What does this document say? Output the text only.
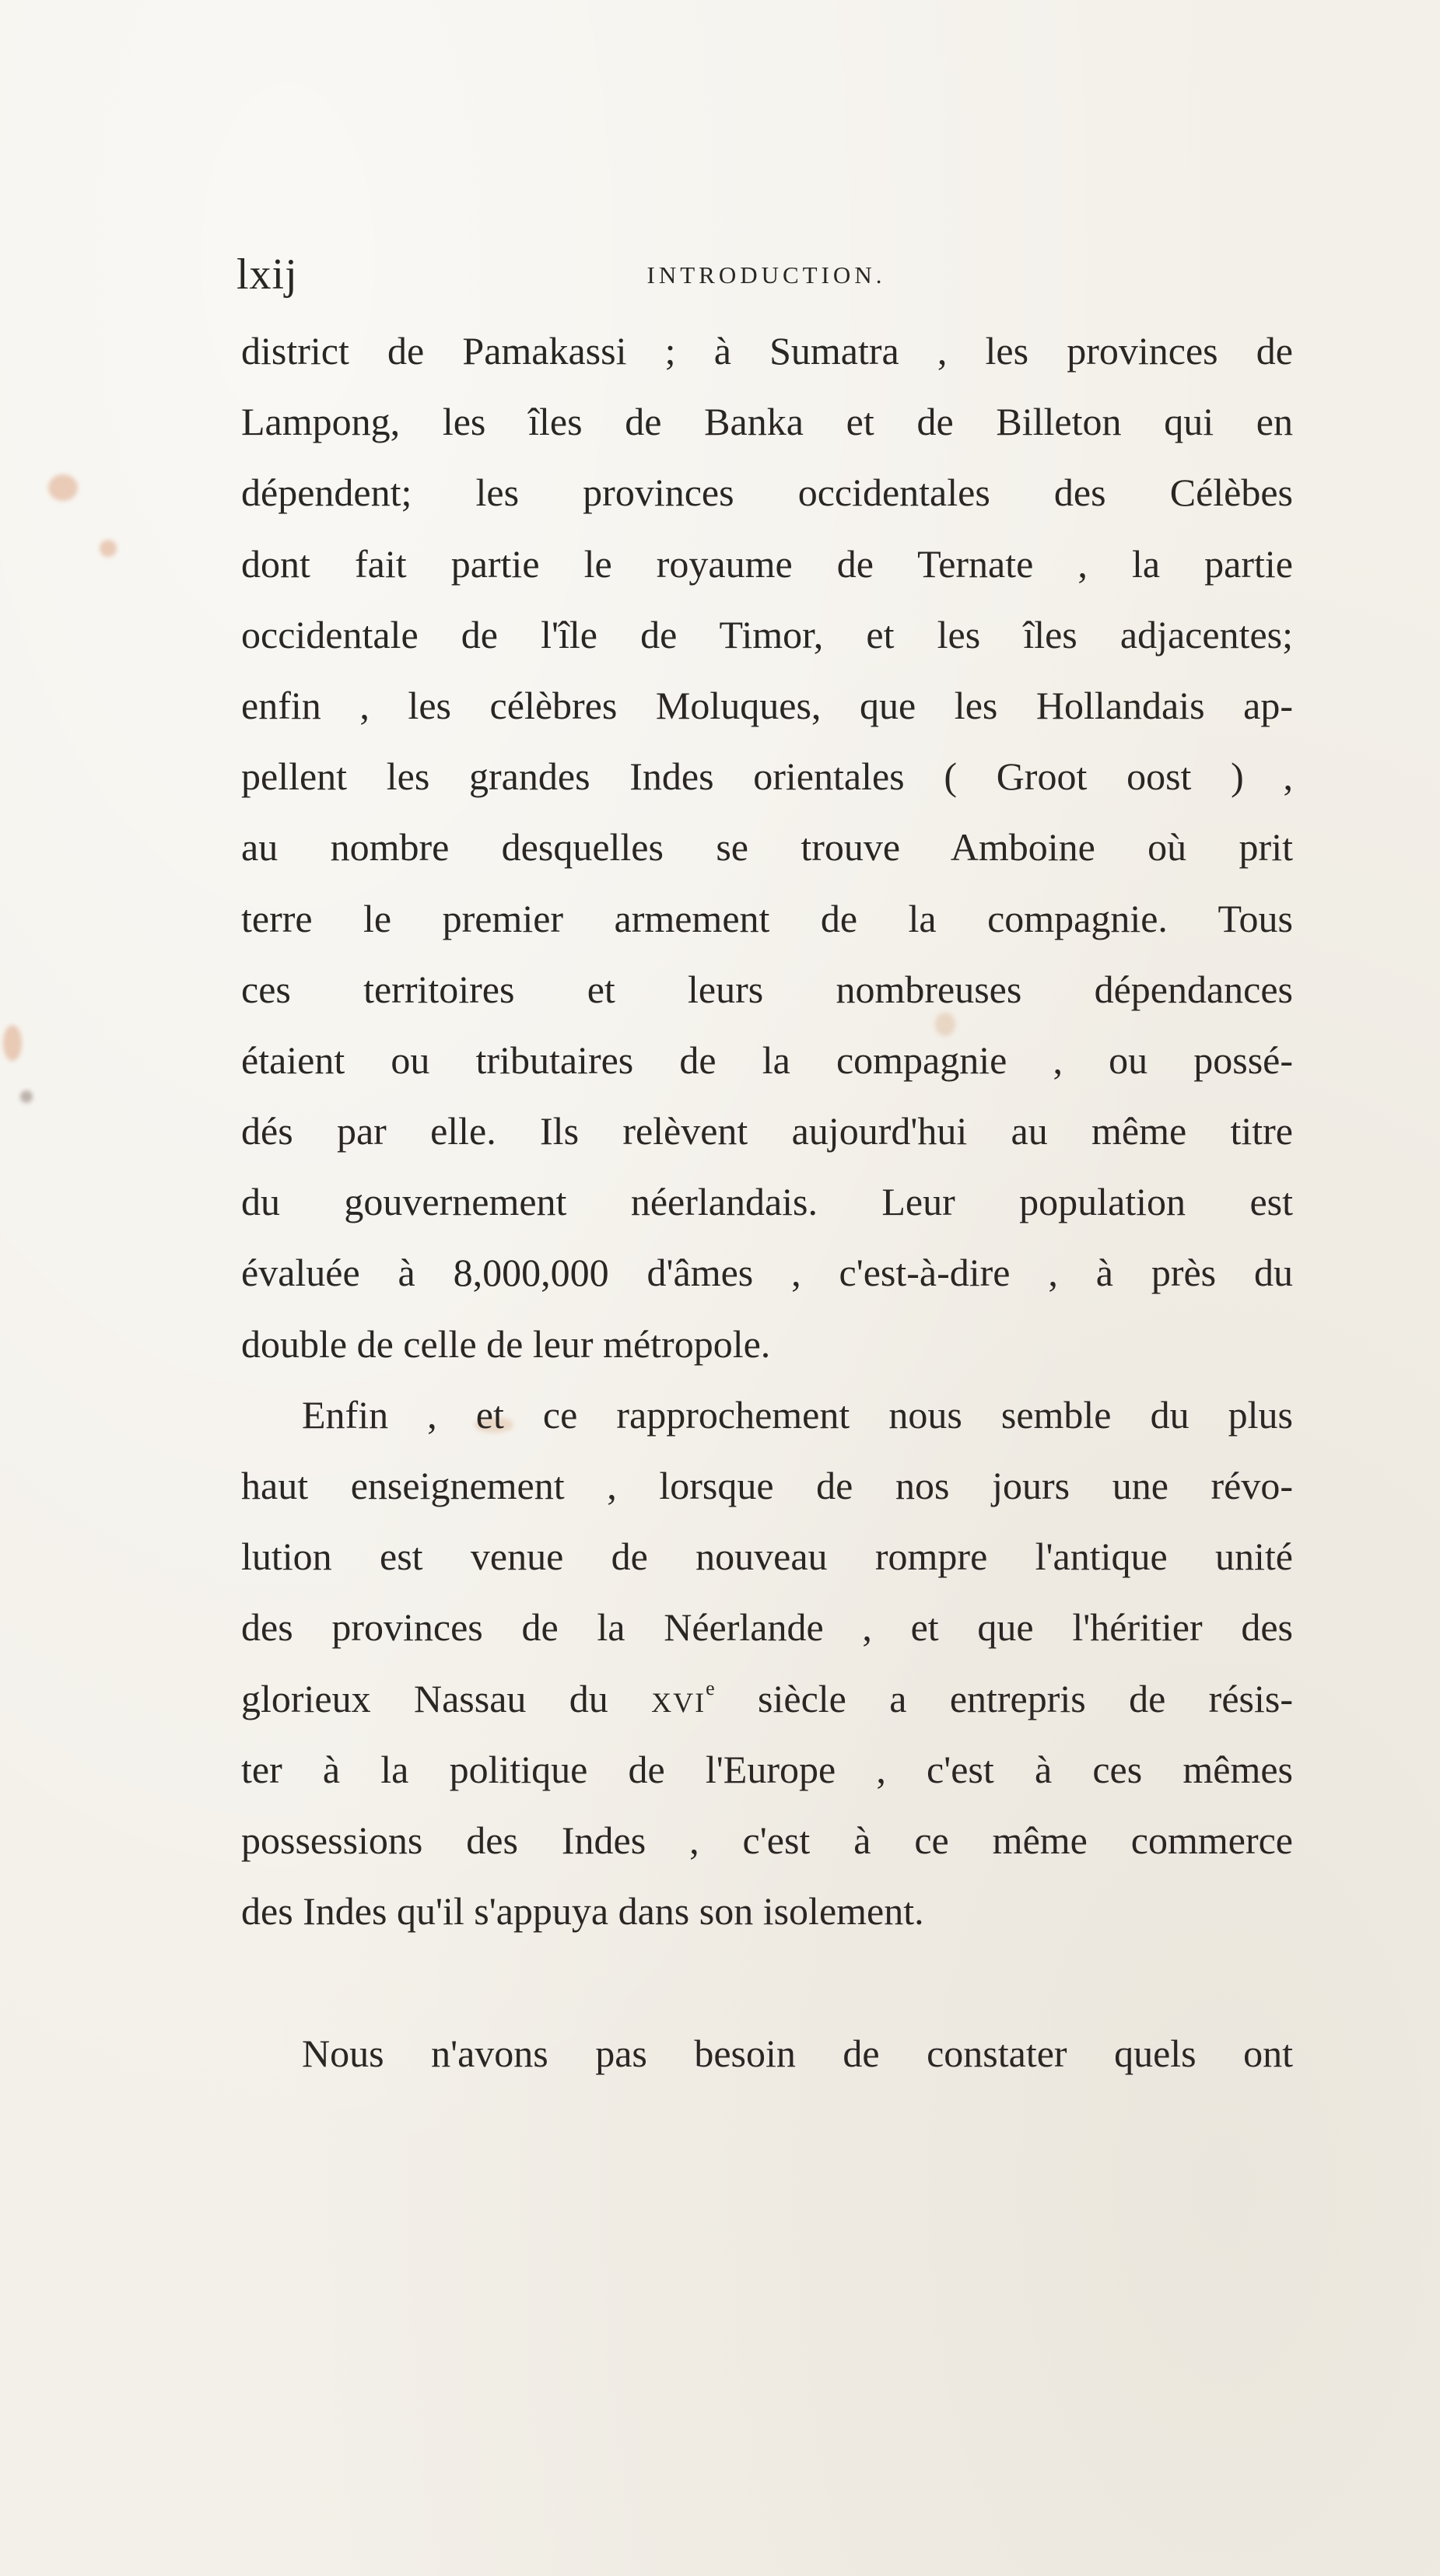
lxij	INTRODUCTION.
district de Pamakassi ; à Sumatra , les provinces de
Lampong, les îles de Banka et de Billeton qui en
dépendent; les provinces occidentales des Célèbes
dont fait partie le royaume de Ternate , la partie
occidentale de l'île de Timor, et les îles adjacentes;
enfin , les célèbres Moluques, que les Hollandais ap-
pellent les grandes Indes orientales ( Groot oost ) ,
au nombre desquelles se trouve Amboine où prit
terre le premier armement de la compagnie. Tous
ces territoires et leurs nombreuses dépendances
étaient ou tributaires de la compagnie , ou possé-
dés par elle. Ils relèvent aujourd'hui au même titre
du gouvernement néerlandais. Leur population est
évaluée à 8,000,000 d'âmes , c'est-à-dire , à près du
double de celle de leur métropole.
Enfin , et ce rapprochement nous semble du plus
haut enseignement , lorsque de nos jours une révo-
lution est venue de nouveau rompre l'antique unité
des provinces de la Néerlande , et que l'héritier des
glorieux Nassau du XVIe siècle a entrepris de résis-
ter à la politique de l'Europe , c'est à ces mêmes
possessions des Indes , c'est à ce même commerce
des Indes qu'il s'appuya dans son isolement.
Nous n'avons pas besoin de constater quels ont
